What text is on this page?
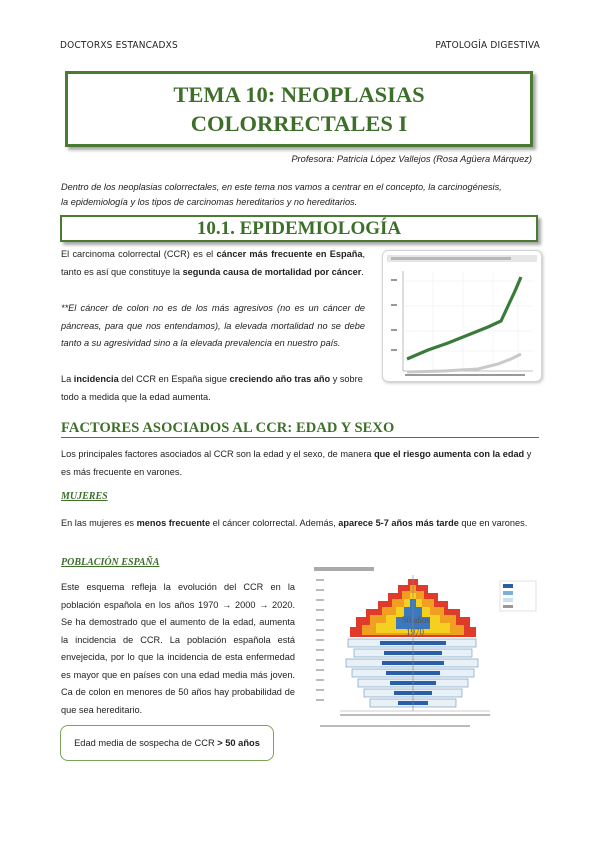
DOCTORXS ESTANCADXS	PATOLOGÍA DIGESTIVA
TEMA 10: NEOPLASIAS
COLORRECTALES I
Profesora: Patricia López Vallejos (Rosa Agüera Márquez)
Dentro de los neoplasias colorrectales, en este tema nos vamos a centrar en el concepto, la carcinogénesis,
la epidemiología y los tipos de carcinomas hereditarios y no hereditarios.
10.1. EPIDEMIOLOGÍA
El carcinoma colorrectal (CCR) es el cáncer más frecuente en España, tanto es así que constituye la segunda causa de mortalidad por cáncer.
**El cáncer de colon no es de los más agresivos (no es un cáncer de páncreas, para que nos entendamos), la elevada mortalidad no se debe tanto a su agresividad sino a la elevada prevalencia en nuestro país.
La incidencia del CCR en España sigue creciendo año tras año y sobre todo a medida que la edad aumenta.
FACTORES ASOCIADOS AL CCR: EDAD Y SEXO
Los principales factores asociados al CCR son la edad y el sexo, de manera que el riesgo aumenta con la edad y es más frecuente en varones.
MUJERES
En las mujeres es menos frecuente el cáncer colorrectal. Además, aparece 5-7 años más tarde que en varones.
POBLACIÓN ESPAÑA
Este esquema refleja la evolución del CCR en la población española en los años 1970 → 2000 → 2020. Se ha demostrado que el aumento de la edad, aumenta la incidencia de CCR. La población española está envejecida, por lo que la incidencia de esta enfermedad es mayor que en países con una edad media más joven. Ca de colon en menores de 50 años hay probabilidad de que sea hereditario.
Edad media de sospecha de CCR > 50 años
50 años
1970
